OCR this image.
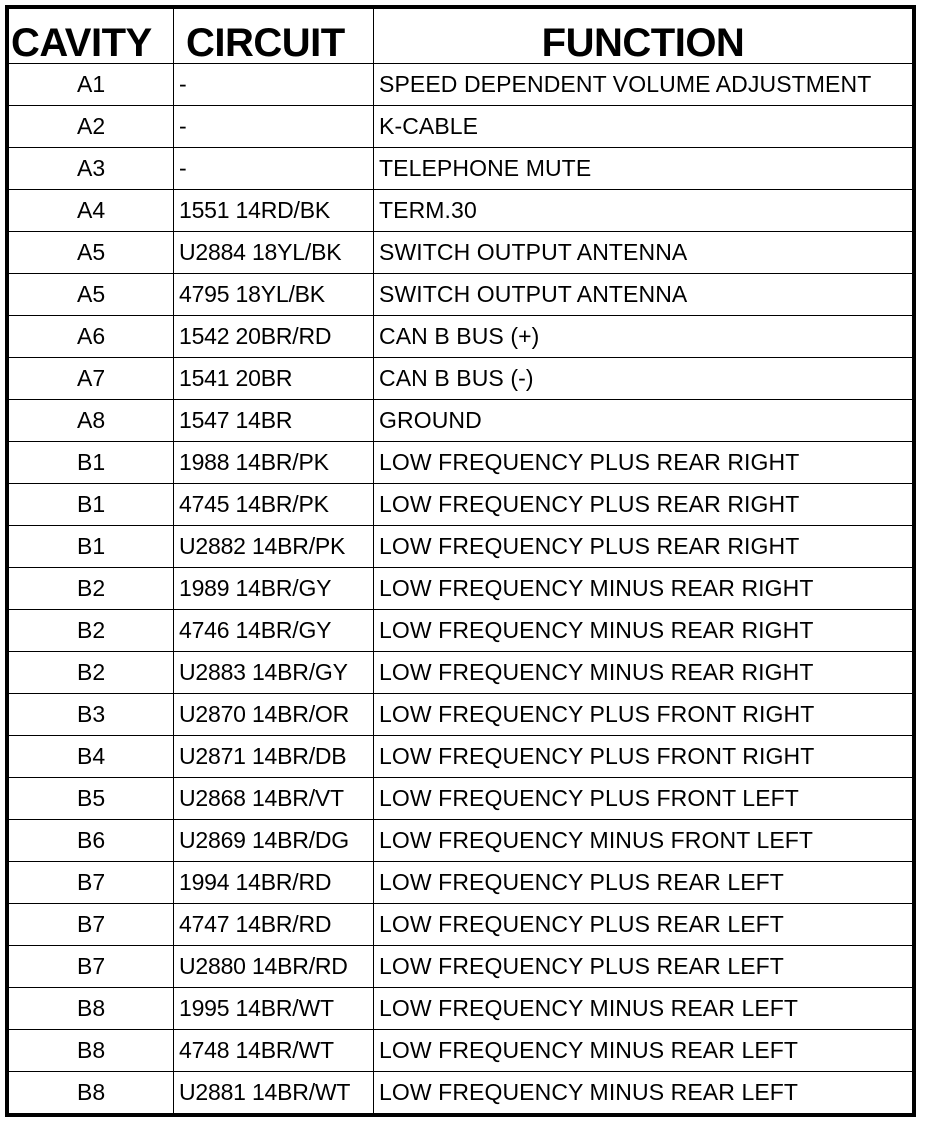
CAVITY	CIRCUIT	FUNCTION
A1	-	SPEED DEPENDENT VOLUME ADJUSTMENT
A2	-	K-CABLE
A3	-	TELEPHONE MUTE
A4	1551 14RD/BK	TERM.30
A5	U2884 18YL/BK	SWITCH OUTPUT ANTENNA
A5	4795 18YL/BK	SWITCH OUTPUT ANTENNA
A6	1542 20BR/RD	CAN B BUS (+)
A7	1541 20BR	CAN B BUS (-)
A8	1547 14BR	GROUND
B1	1988 14BR/PK	LOW FREQUENCY PLUS REAR RIGHT
B1	4745 14BR/PK	LOW FREQUENCY PLUS REAR RIGHT
B1	U2882 14BR/PK	LOW FREQUENCY PLUS REAR RIGHT
B2	1989 14BR/GY	LOW FREQUENCY MINUS REAR RIGHT
B2	4746 14BR/GY	LOW FREQUENCY MINUS REAR RIGHT
B2	U2883 14BR/GY	LOW FREQUENCY MINUS REAR RIGHT
B3	U2870 14BR/OR	LOW FREQUENCY PLUS FRONT RIGHT
B4	U2871 14BR/DB	LOW FREQUENCY PLUS FRONT RIGHT
B5	U2868 14BR/VT	LOW FREQUENCY PLUS FRONT LEFT
B6	U2869 14BR/DG	LOW FREQUENCY MINUS FRONT LEFT
B7	1994 14BR/RD	LOW FREQUENCY PLUS REAR LEFT
B7	4747 14BR/RD	LOW FREQUENCY PLUS REAR LEFT
B7	U2880 14BR/RD	LOW FREQUENCY PLUS REAR LEFT
B8	1995 14BR/WT	LOW FREQUENCY MINUS REAR LEFT
B8	4748 14BR/WT	LOW FREQUENCY MINUS REAR LEFT
B8	U2881 14BR/WT	LOW FREQUENCY MINUS REAR LEFT
